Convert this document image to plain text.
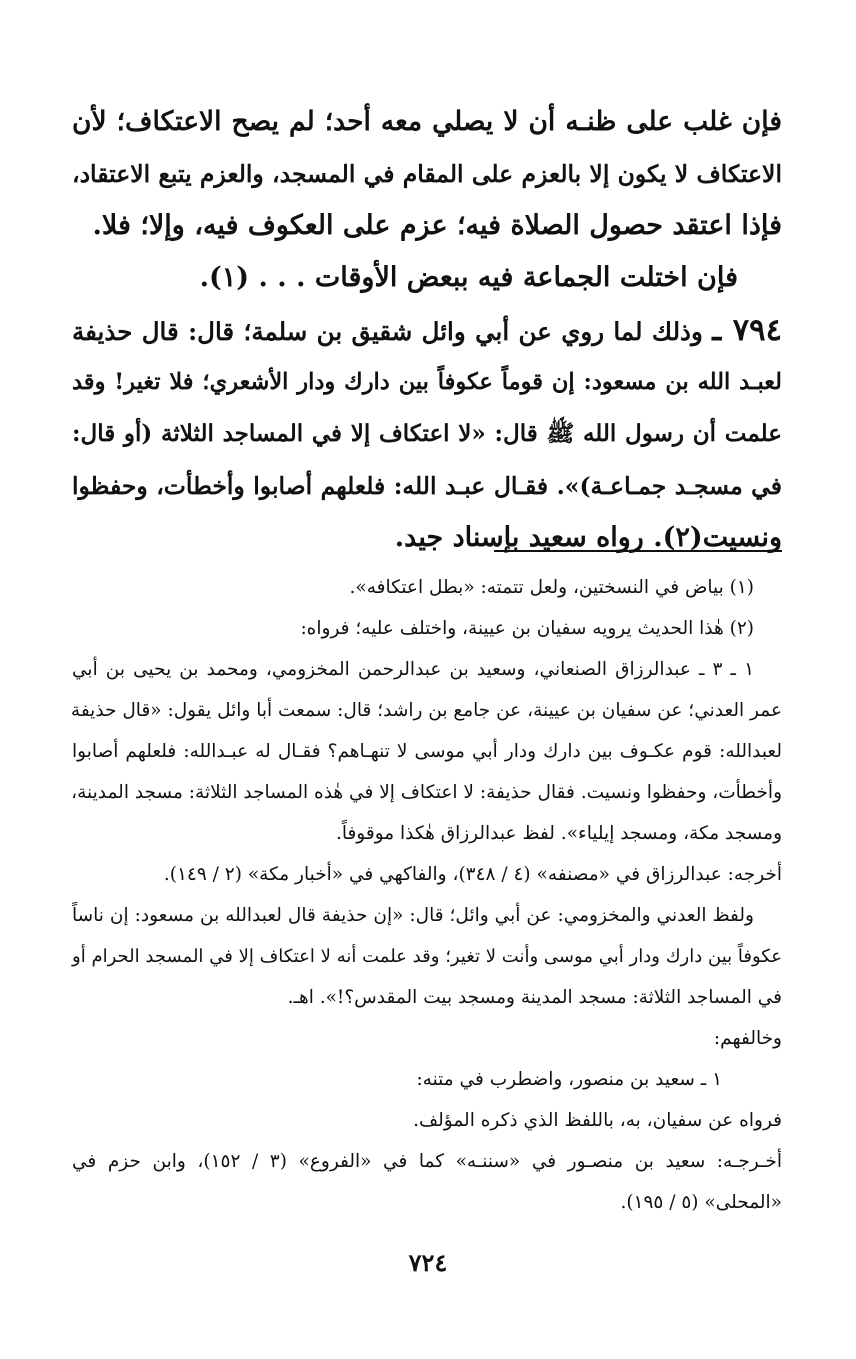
فإن غلب على ظنـه أن لا يصلي معه أحد؛ لم يصح الاعتكاف؛ لأن
الاعتكاف لا يكون إلا بالعزم على المقام في المسجد، والعزم يتبع الاعتقاد،
فإذا اعتقد حصول الصلاة فيه؛ عزم على العكوف فيه، وإلا؛ فلا.
فإن اختلت الجماعة فيه ببعض الأوقات . . . (١).
٧٩٤ ـ وذلك لما روي عن أبي وائل شقيق بن سلمة؛ قال: قال حذيفة
لعبـد الله بن مسعود: إن قوماً عكوفاً بين دارك ودار الأشعري؛ فلا تغير! وقد
علمت أن رسول الله ﷺ قال: «لا اعتكاف إلا في المساجد الثلاثة (أو قال:
في مسجـد جمـاعـة)». فقـال عبـد الله: فلعلهم أصابوا وأخطأت، وحفظوا
ونسيت(٢). رواه سعيد بإسناد جيد.
(١) بياض في النسختين، ولعل تتمته: «بطل اعتكافه».
(٢) هٰذا الحديث يرويه سفيان بن عيينة، واختلف عليه؛ فرواه:
١ ـ ٣ ـ عبدالرزاق الصنعاني، وسعيد بن عبدالرحمن المخزومي، ومحمد بن يحيى بن أبي
عمر العدني؛ عن سفيان بن عيينة، عن جامع بن راشد؛ قال: سمعت أبا وائل يقول: «قال حذيفة
لعبدالله: قوم عكـوف بين دارك ودار أبي موسى لا تنهـاهم؟ فقـال له عبـدالله: فلعلهم أصابوا
وأخطأت، وحفظوا ونسيت. فقال حذيفة: لا اعتكاف إلا في هٰذه المساجد الثلاثة: مسجد المدينة،
ومسجد مكة، ومسجد إيلياء». لفظ عبدالرزاق هٰكذا موقوفاً.
أخرجه: عبدالرزاق في «مصنفه» (٤ / ٣٤٨)، والفاكهي في «أخبار مكة» (٢ / ١٤٩).
ولفظ العدني والمخزومي: عن أبي وائل؛ قال: «إن حذيفة قال لعبدالله بن مسعود: إن ناساً
عكوفاً بين دارك ودار أبي موسى وأنت لا تغير؛ وقد علمت أنه لا اعتكاف إلا في المسجد الحرام أو
في المساجد الثلاثة: مسجد المدينة ومسجد بيت المقدس؟!». اهـ.
وخالفهم:
١ ـ سعيد بن منصور، واضطرب في متنه:
فرواه عن سفيان، به، باللفظ الذي ذكره المؤلف.
أخـرجـه: سعيد بن منصـور في «سننـه» كما في «الفروع» (٣ / ١٥٢)، وابن حزم في
«المحلى» (٥ / ١٩٥).
٧٢٤
